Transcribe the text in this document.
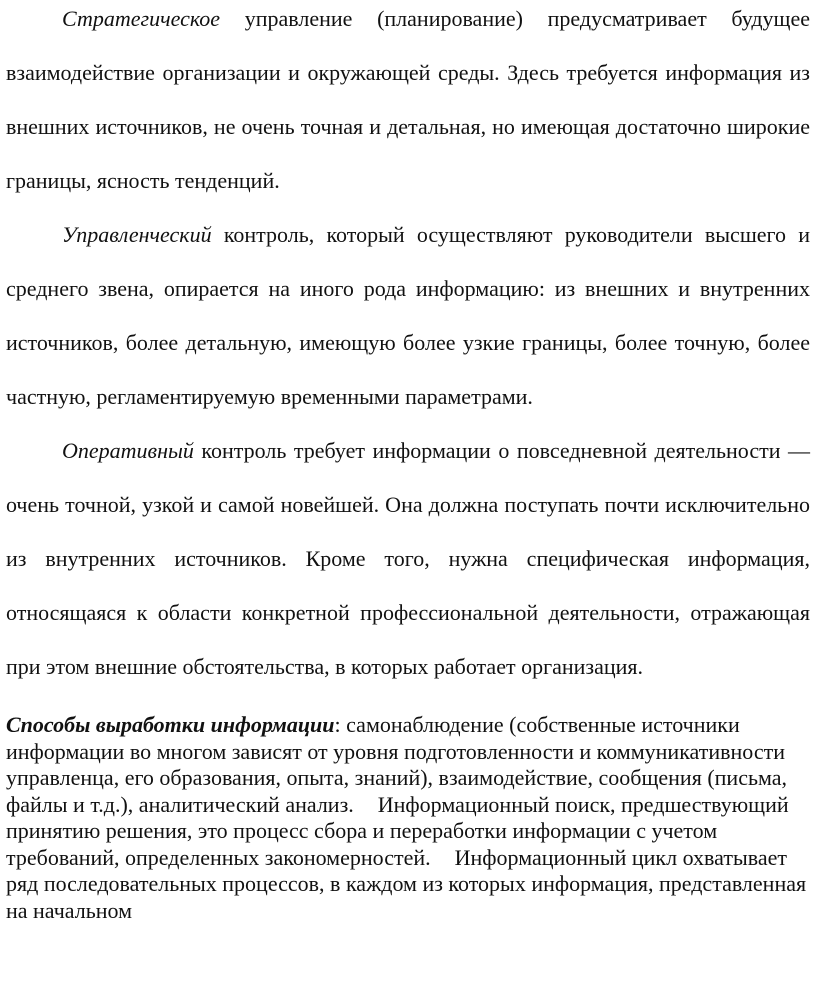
Стратегическое управление (планирование) предусматривает будущее взаимодействие организации и окружающей среды. Здесь требуется информация из внешних источников, не очень точная и детальная, но имеющая достаточно широкие границы, ясность тенденций.

Управленческий контроль, который осуществляют руководители высшего и среднего звена, опирается на иного рода информацию: из внешних и внутренних источников, более детальную, имеющую более узкие границы, более точную, более частную, регламентируемую временными параметрами.

Оперативный контроль требует информации о повседневной деятельности — очень точной, узкой и самой новейшей. Она должна поступать почти исключительно из внутренних источников. Кроме того, нужна специфическая информация, относящаяся к области конкретной профессиональной деятельности, отражающая при этом внешние обстоятельства, в которых работает организация.

Способы выработки информации: самонаблюдение (собственные источники информации во многом зависят от уровня подготовленности и коммуникативности управленца, его образования, опыта, знаний), взаимодействие, сообщения (письма, файлы и т.д.), аналитический анализ. Информационный поиск, предшествующий принятию решения, это процесс сбора и переработки информации с учетом требований, определенных закономерностей. Информационный цикл охватывает ряд последовательных процессов, в каждом из которых информация, представленная на начальном
